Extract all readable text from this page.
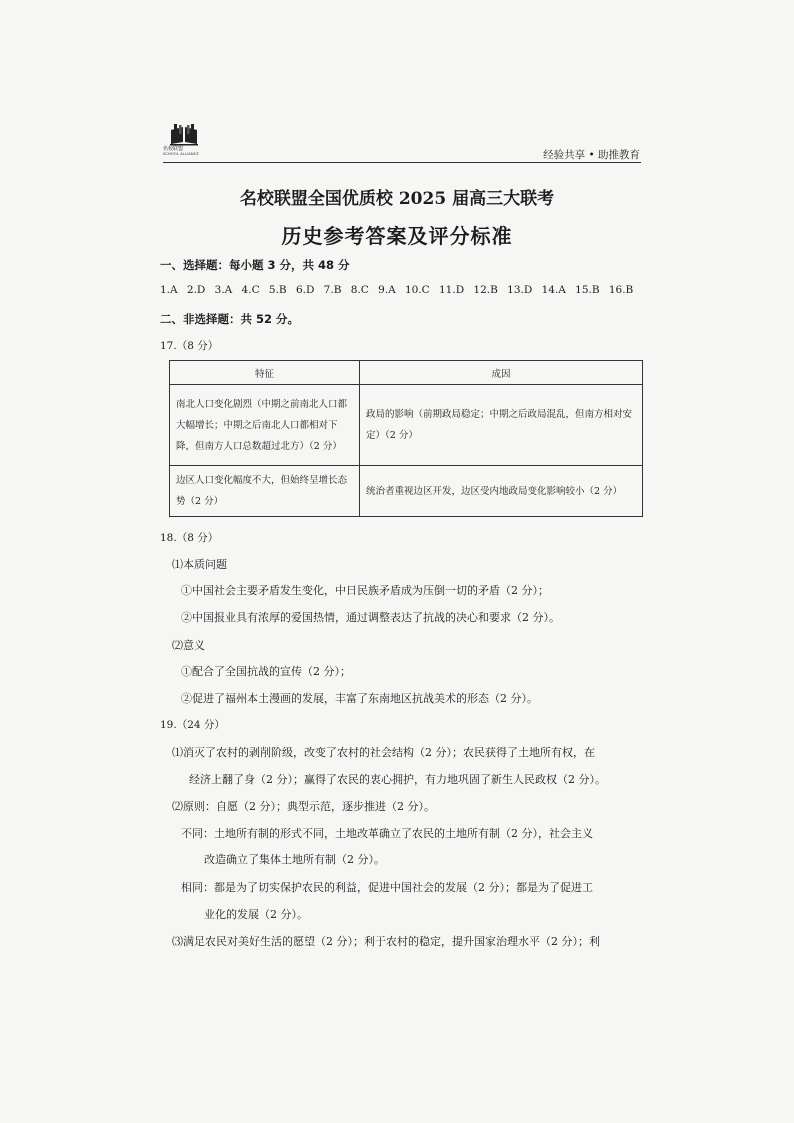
名校联盟
SCHOOL ALLIANCE	经验共享 • 助推教育
名校联盟全国优质校 2025 届高三大联考
历史参考答案及评分标准
一、选择题：每小题 3 分，共 48 分
1.A 2.D 3.A 4.C 5.B 6.D 7.B 8.C 9.A 10.C 11.D 12.B 13.D 14.A 15.B 16.B
二、非选择题：共 52 分。
17.（8 分）
特征	成因
南北人口变化剧烈（中期之前南北人口都大幅增长；中期之后南北人口都相对下降，但南方人口总数超过北方）（2 分）	政局的影响（前期政局稳定；中期之后政局混乱，但南方相对安定）（2 分）
边区人口变化幅度不大，但始终呈增长态势（2 分）	统治者重视边区开发，边区受内地政局变化影响较小（2 分）
18.（8 分）
⑴本质问题
①中国社会主要矛盾发生变化，中日民族矛盾成为压倒一切的矛盾（2 分）；
②中国报业具有浓厚的爱国热情，通过调整表达了抗战的决心和要求（2 分）。
⑵意义
①配合了全国抗战的宣传（2 分）；
②促进了福州本土漫画的发展，丰富了东南地区抗战美术的形态（2 分）。
19.（24 分）
⑴消灭了农村的剥削阶级，改变了农村的社会结构（2 分）；农民获得了土地所有权，在
经济上翻了身（2 分）；赢得了农民的衷心拥护，有力地巩固了新生人民政权（2 分）。
⑵原则：自愿（2 分）；典型示范，逐步推进（2 分）。
不同：土地所有制的形式不同，土地改革确立了农民的土地所有制（2 分），社会主义
改造确立了集体土地所有制（2 分）。
相同：都是为了切实保护农民的利益，促进中国社会的发展（2 分）；都是为了促进工
业化的发展（2 分）。
⑶满足农民对美好生活的愿望（2 分）；利于农村的稳定，提升国家治理水平（2 分）；利
